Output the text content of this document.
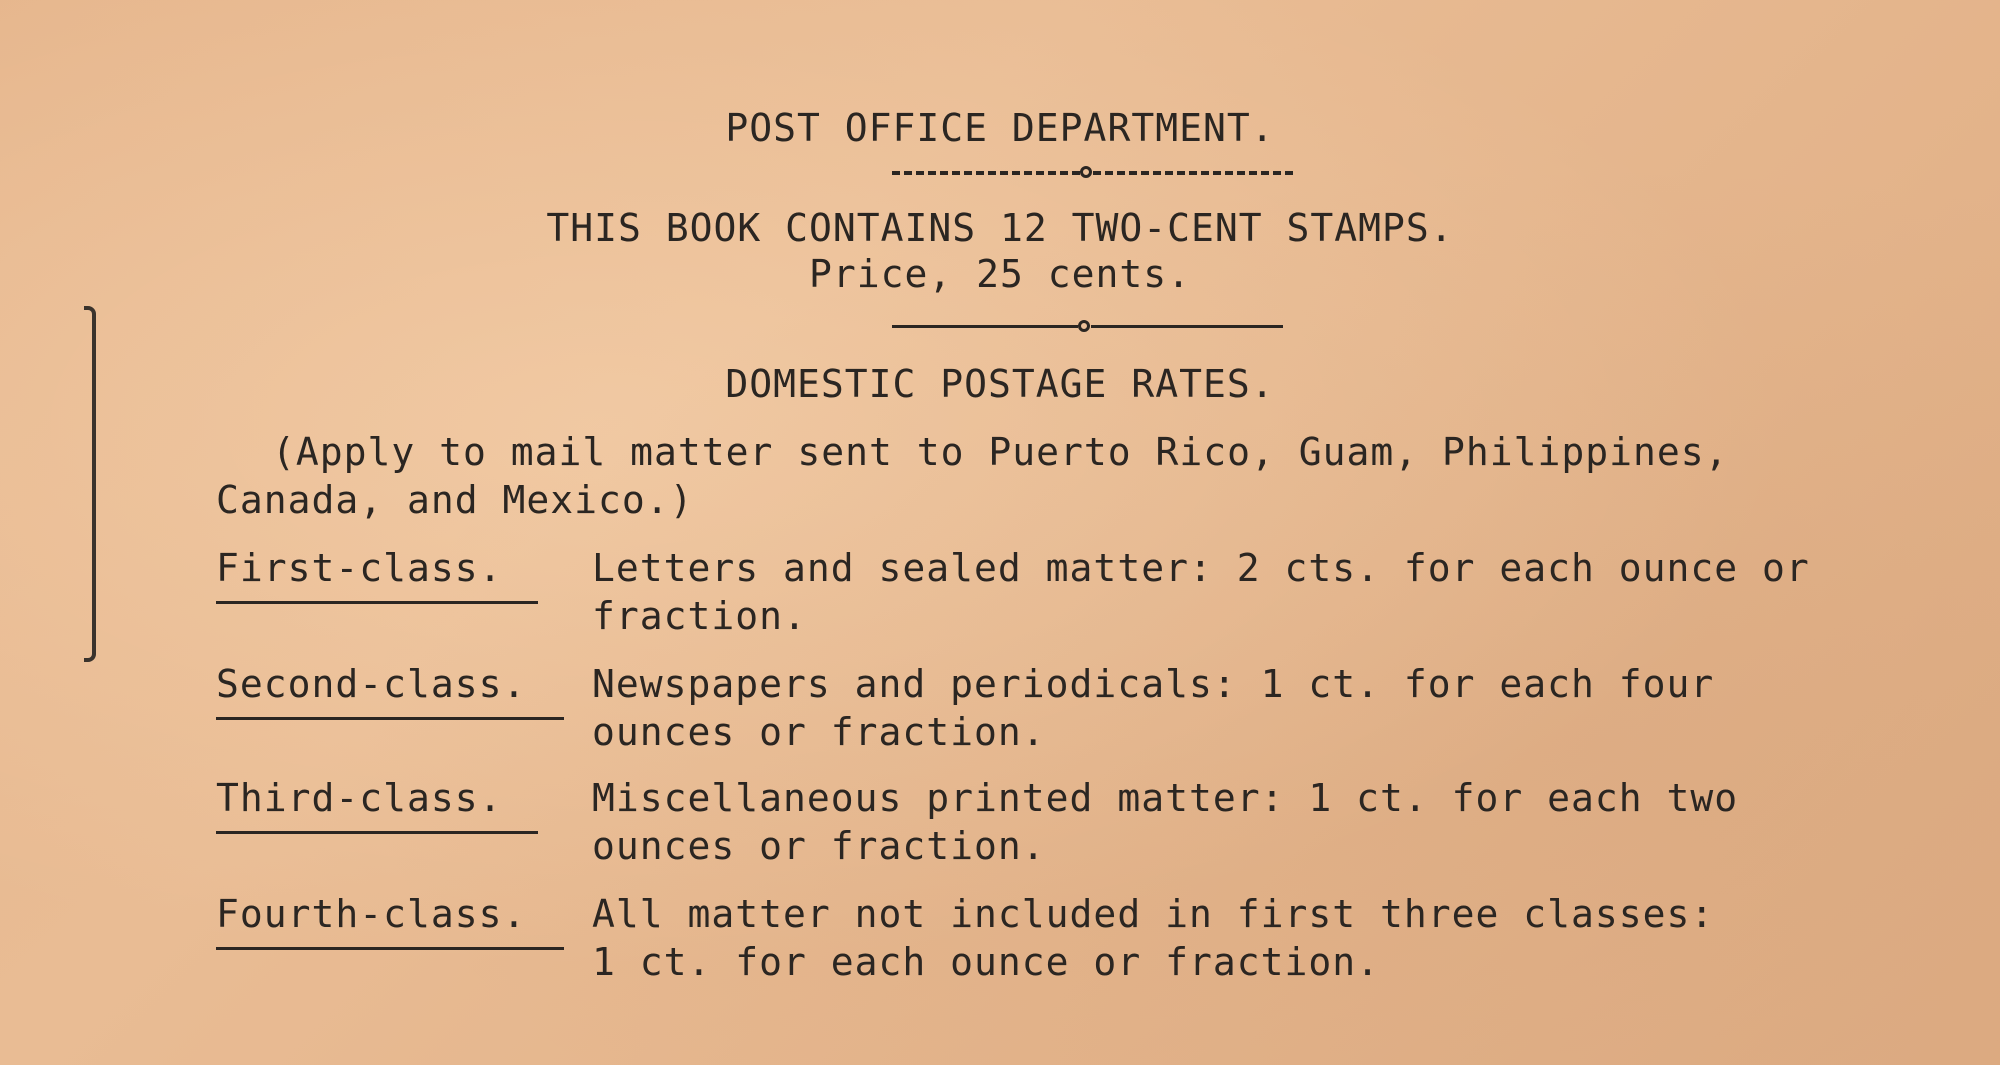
POST OFFICE DEPARTMENT.
THIS BOOK CONTAINS 12 TWO-CENT STAMPS.
Price, 25 cents.
DOMESTIC POSTAGE RATES.
(Apply to mail matter sent to Puerto Rico, Guam, Philippines,
Canada, and Mexico.)
First-class. Letters and sealed matter: 2 cts. for each ounce or
fraction.
Second-class. Newspapers and periodicals: 1 ct. for each four
ounces or fraction.
Third-class. Miscellaneous printed matter: 1 ct. for each two
ounces or fraction.
Fourth-class. All matter not included in first three classes:
1 ct. for each ounce or fraction.
